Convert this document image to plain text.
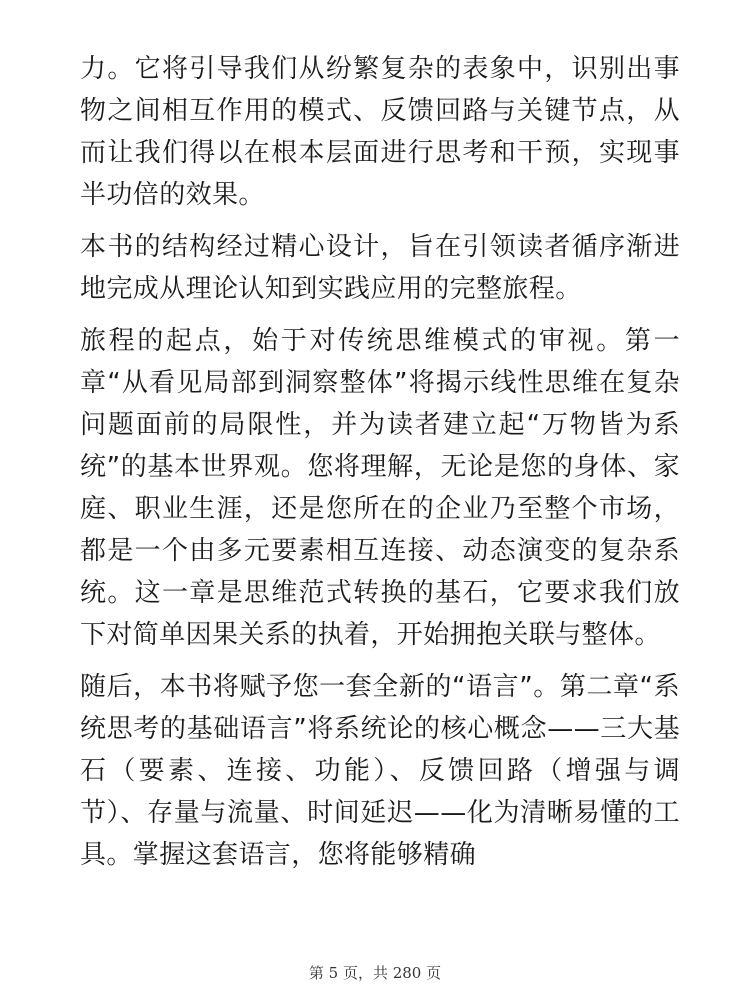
力。它将引导我们从纷繁复杂的表象中，识别出事物之间相互作用的模式、反馈回路与关键节点，从而让我们得以在根本层面进行思考和干预，实现事半功倍的效果。

本书的结构经过精心设计，旨在引领读者循序渐进地完成从理论认知到实践应用的完整旅程。

旅程的起点，始于对传统思维模式的审视。第一章“从看见局部到洞察整体”将揭示线性思维在复杂问题面前的局限性，并为读者建立起“万物皆为系统”的基本世界观。您将理解，无论是您的身体、家庭、职业生涯，还是您所在的企业乃至整个市场，都是一个由多元要素相互连接、动态演变的复杂系统。这一章是思维范式转换的基石，它要求我们放下对简单因果关系的执着，开始拥抱关联与整体。

随后，本书将赋予您一套全新的“语言”。第二章“系统思考的基础语言”将系统论的核心概念——三大基石（要素、连接、功能）、反馈回路（增强与调节）、存量与流量、时间延迟——化为清晰易懂的工具。掌握这套语言，您将能够精确

第 5 页，共 280 页
